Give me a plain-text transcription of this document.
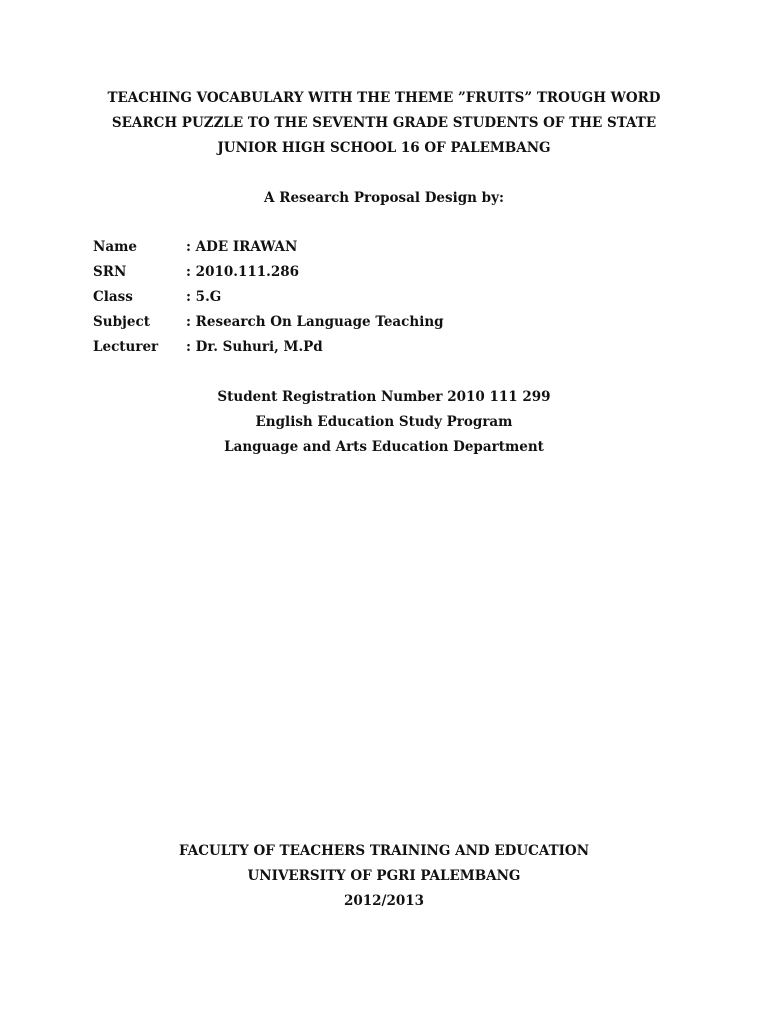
TEACHING VOCABULARY WITH THE THEME ”FRUITS” TROUGH WORD
SEARCH PUZZLE TO THE SEVENTH GRADE STUDENTS OF THE STATE
JUNIOR HIGH SCHOOL 16 OF PALEMBANG
A Research Proposal Design by:
Name	: ADE IRAWAN
SRN	: 2010.111.286
Class	: 5.G
Subject	: Research On Language Teaching
Lecturer	: Dr. Suhuri, M.Pd
Student Registration Number 2010 111 299
English Education Study Program
Language and Arts Education Department
FACULTY OF TEACHERS TRAINING AND EDUCATION
UNIVERSITY OF PGRI PALEMBANG
2012/2013
